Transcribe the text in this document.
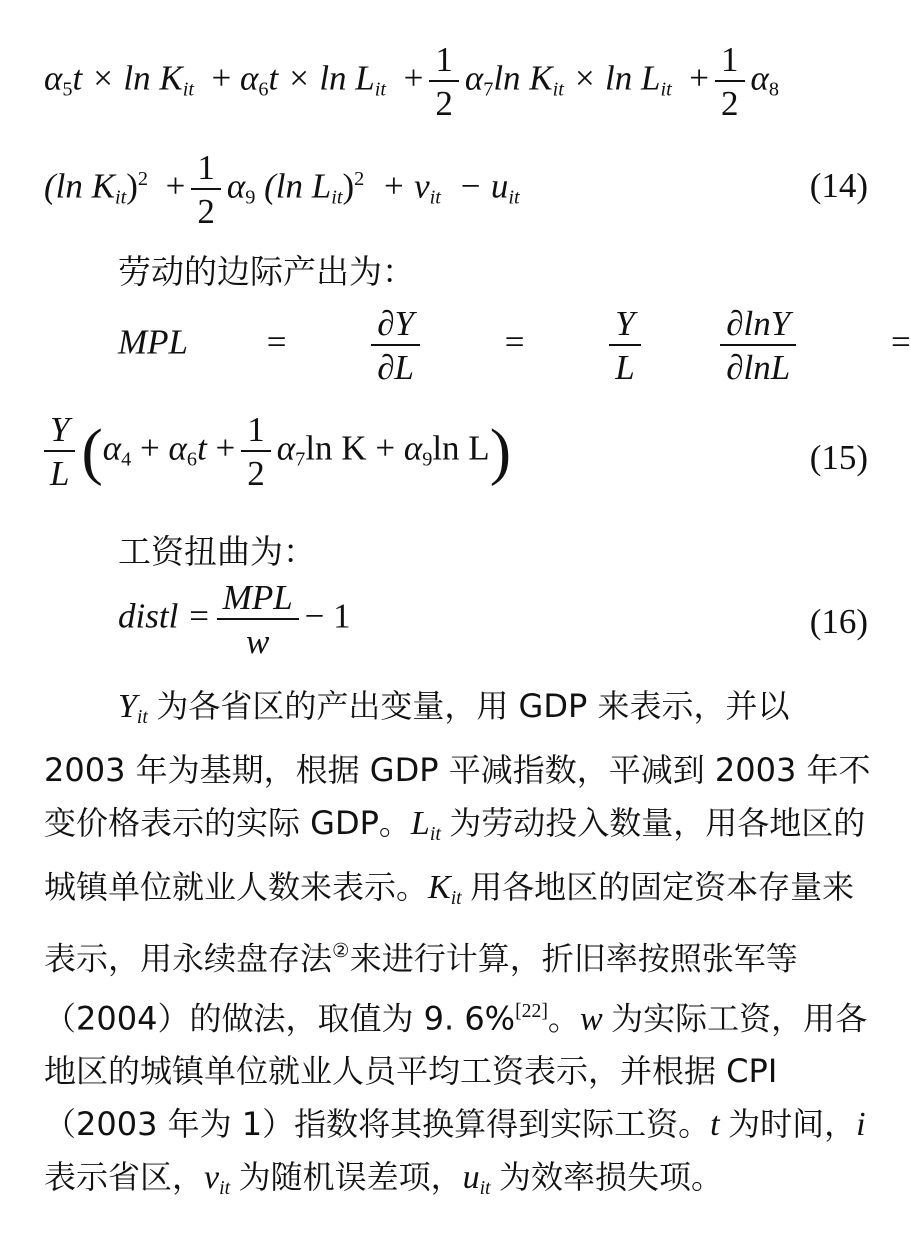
$\alpha_5t \times \ln K_{it} + \alpha_6t \times \ln L_{it} + \frac{1}{2} \alpha_7\ln$ $K_{it} \times \ln L_{it} + \frac{1}{2} \alpha_8$
(ln $K_{it})^2 + \frac{1}{2} \alpha_9$ (ln $L_{it})^2 + v_{it} - u_{it}$	(14)
劳动的边际产出为：
MPL = $\frac{\partial Y}{\partial L} = \frac{Y}{L}$
$\frac{\partial\ln Y}{\partial\ln L}$	=
$\frac{Y}{L} (\alpha_4 + \alpha_6t + \frac{1}{2} \alpha_7\ln$ $K + \alpha_9\ln$ L)	(15)
工资扭曲为：
distl = $\frac{\text{MPL}}{w} - 1$	(16)
$Y_{it}$ 为各省区的产出变量，用 GDP 来表示，并以 2003 年为基期，根据 GDP 平减指数，平减到 2003 年不变价格表示的实际 GDP。$L_{it}$ 为劳动投入数量，用各地区的城镇单位就业人数来表示。$K_{it}$ 用各地区的固定资本存量来表示，用永续盘存法②来进行计算，折旧率按照张军等（2004）的做法，取值为 9. 6%[22]。w 为实际工资，用各地区的城镇单位就业人员平均工资表示，并根据 CPI（2003 年为 1）指数将其换算得到实际工资。t 为时间，i 表示省区，$v_{it}$ 为随机误差项，$u_{it}$ 为效率损失项。
